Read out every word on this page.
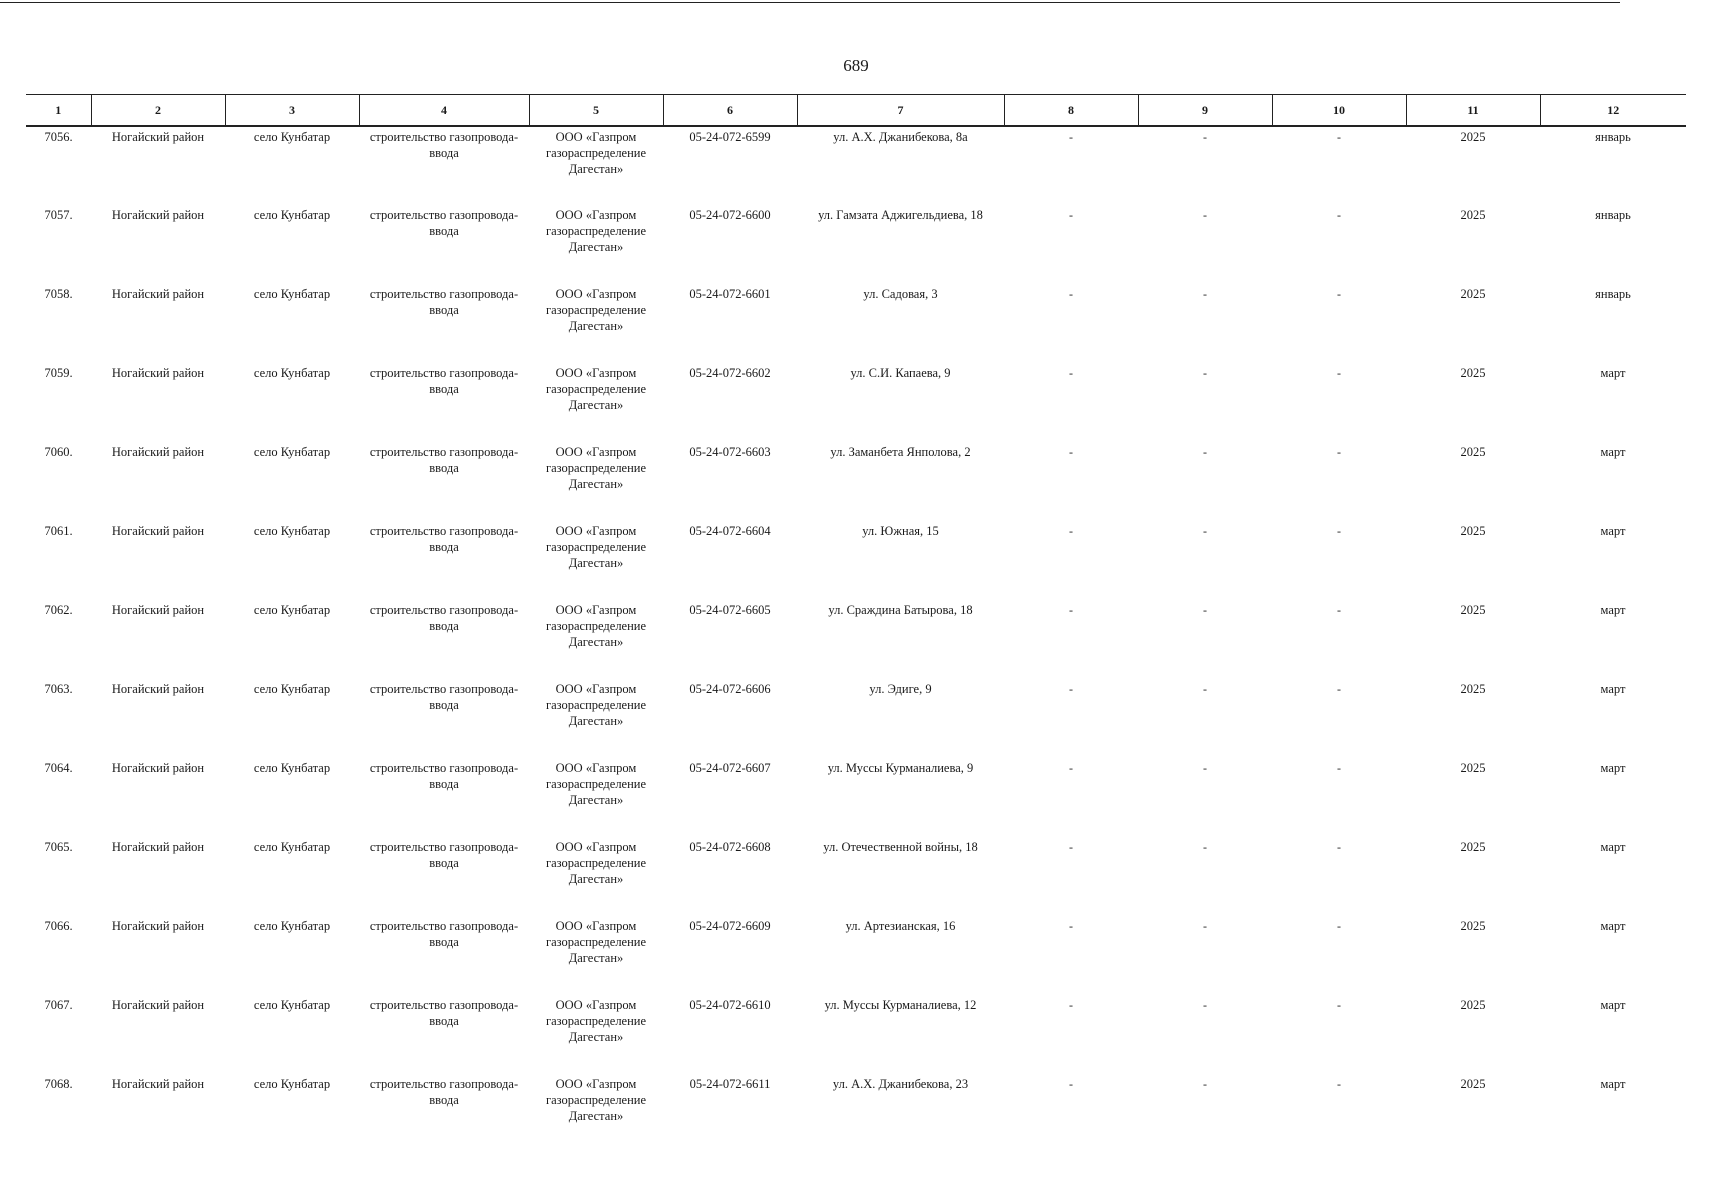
689
1	2	3	4	5	6	7	8	9	10	11	12
7056.	Ногайский район	село Кунбатар	строительство газопровода-ввода	ООО «Газпром газораспределение Дагестан»	05-24-072-6599	ул. А.Х. Джанибекова, 8а	-	-	-	2025	январь
7057.	Ногайский район	село Кунбатар	строительство газопровода-ввода	ООО «Газпром газораспределение Дагестан»	05-24-072-6600	ул. Гамзата Аджигельдиева, 18	-	-	-	2025	январь
7058.	Ногайский район	село Кунбатар	строительство газопровода-ввода	ООО «Газпром газораспределение Дагестан»	05-24-072-6601	ул. Садовая, 3	-	-	-	2025	январь
7059.	Ногайский район	село Кунбатар	строительство газопровода-ввода	ООО «Газпром газораспределение Дагестан»	05-24-072-6602	ул. С.И. Капаева, 9	-	-	-	2025	март
7060.	Ногайский район	село Кунбатар	строительство газопровода-ввода	ООО «Газпром газораспределение Дагестан»	05-24-072-6603	ул. Заманбета Янполова, 2	-	-	-	2025	март
7061.	Ногайский район	село Кунбатар	строительство газопровода-ввода	ООО «Газпром газораспределение Дагестан»	05-24-072-6604	ул. Южная, 15	-	-	-	2025	март
7062.	Ногайский район	село Кунбатар	строительство газопровода-ввода	ООО «Газпром газораспределение Дагестан»	05-24-072-6605	ул. Сраждина Батырова, 18	-	-	-	2025	март
7063.	Ногайский район	село Кунбатар	строительство газопровода-ввода	ООО «Газпром газораспределение Дагестан»	05-24-072-6606	ул. Эдиге, 9	-	-	-	2025	март
7064.	Ногайский район	село Кунбатар	строительство газопровода-ввода	ООО «Газпром газораспределение Дагестан»	05-24-072-6607	ул. Муссы Курманалиева, 9	-	-	-	2025	март
7065.	Ногайский район	село Кунбатар	строительство газопровода-ввода	ООО «Газпром газораспределение Дагестан»	05-24-072-6608	ул. Отечественной войны, 18	-	-	-	2025	март
7066.	Ногайский район	село Кунбатар	строительство газопровода-ввода	ООО «Газпром газораспределение Дагестан»	05-24-072-6609	ул. Артезианская, 16	-	-	-	2025	март
7067.	Ногайский район	село Кунбатар	строительство газопровода-ввода	ООО «Газпром газораспределение Дагестан»	05-24-072-6610	ул. Муссы Курманалиева, 12	-	-	-	2025	март
7068.	Ногайский район	село Кунбатар	строительство газопровода-ввода	ООО «Газпром газораспределение Дагестан»	05-24-072-6611	ул. А.Х. Джанибекова, 23	-	-	-	2025	март
